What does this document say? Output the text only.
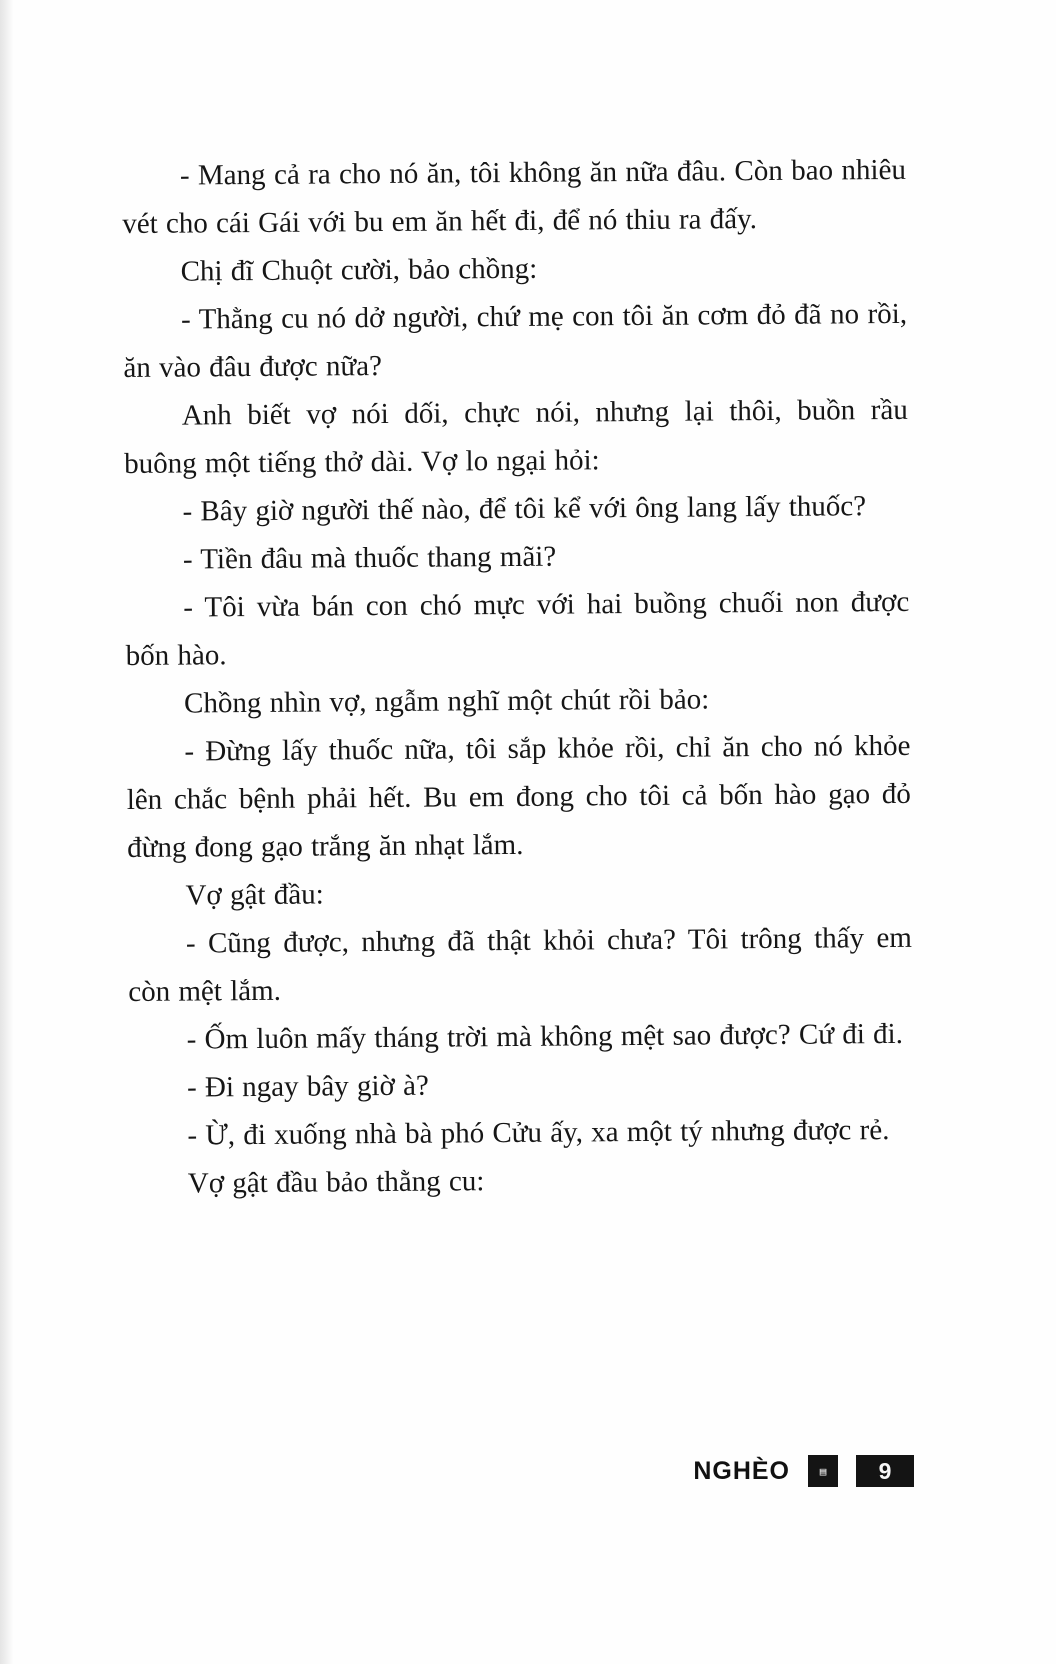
- Mang cả ra cho nó ăn, tôi không ăn nữa đâu. Còn bao nhiêu vét cho cái Gái với bu em ăn hết đi, để nó thiu ra đấy.

Chị đĩ Chuột cười, bảo chồng:

- Thằng cu nó dở người, chứ mẹ con tôi ăn cơm đỏ đã no rồi, ăn vào đâu được nữa?

Anh biết vợ nói dối, chực nói, nhưng lại thôi, buồn rầu buông một tiếng thở dài. Vợ lo ngại hỏi:

- Bây giờ người thế nào, để tôi kể với ông lang lấy thuốc?

- Tiền đâu mà thuốc thang mãi?

- Tôi vừa bán con chó mực với hai buồng chuối non được bốn hào.

Chồng nhìn vợ, ngẫm nghĩ một chút rồi bảo:

- Đừng lấy thuốc nữa, tôi sắp khỏe rồi, chỉ ăn cho nó khỏe lên chắc bệnh phải hết. Bu em đong cho tôi cả bốn hào gạo đỏ đừng đong gạo trắng ăn nhạt lắm.

Vợ gật đầu:

- Cũng được, nhưng đã thật khỏi chưa? Tôi trông thấy em còn mệt lắm.

- Ốm luôn mấy tháng trời mà không mệt sao được? Cứ đi đi.

- Đi ngay bây giờ à?

- Ừ, đi xuống nhà bà phó Cửu ấy, xa một tý nhưng được rẻ.

Vợ gật đầu bảo thằng cu:

NGHÈO	▤	9
